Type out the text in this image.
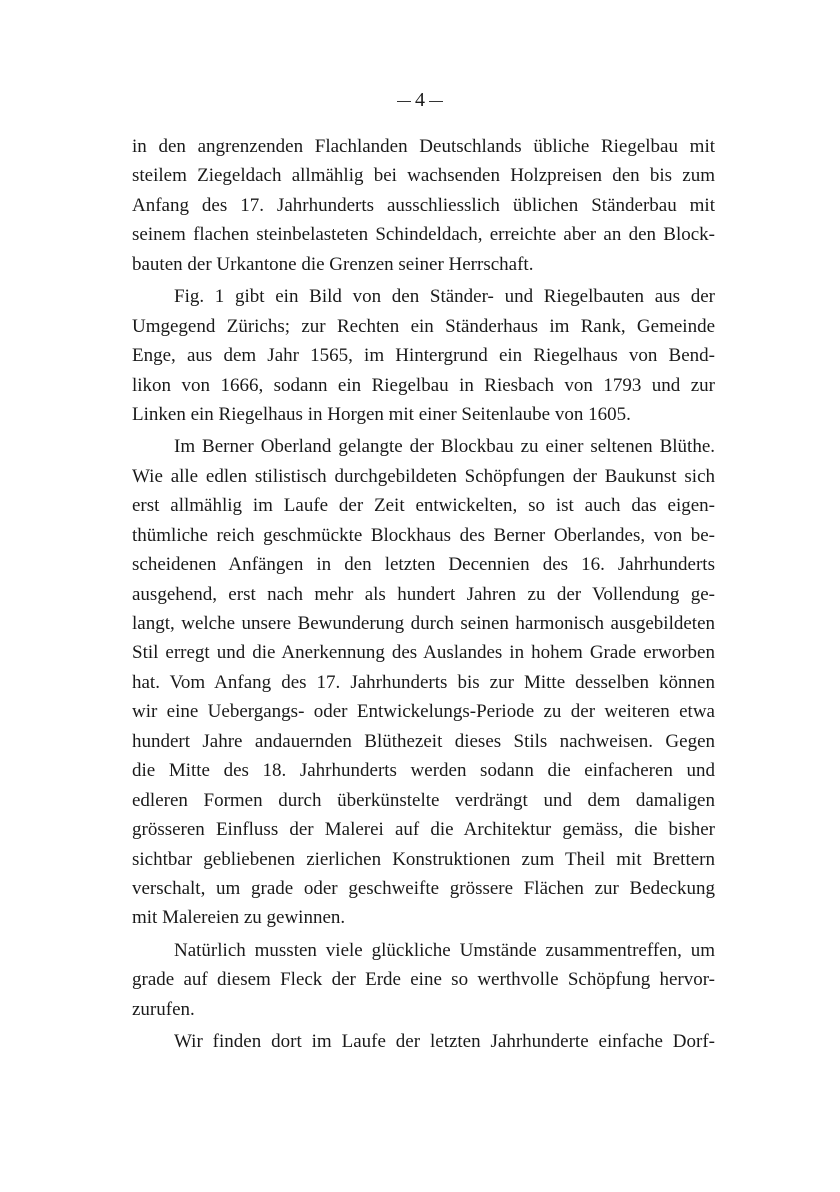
4
in den angrenzenden Flachlanden Deutschlands übliche Riegelbau mit
steilem Ziegeldach allmählig bei wachsenden Holzpreisen den bis zum
Anfang des 17. Jahrhunderts ausschliesslich üblichen Ständerbau mit
seinem flachen steinbelasteten Schindeldach, erreichte aber an den Block-
bauten der Urkantone die Grenzen seiner Herrschaft.
Fig. 1 gibt ein Bild von den Ständer- und Riegelbauten aus der
Umgegend Zürichs; zur Rechten ein Ständerhaus im Rank, Gemeinde
Enge, aus dem Jahr 1565, im Hintergrund ein Riegelhaus von Bend-
likon von 1666, sodann ein Riegelbau in Riesbach von 1793 und zur
Linken ein Riegelhaus in Horgen mit einer Seitenlaube von 1605.
Im Berner Oberland gelangte der Blockbau zu einer seltenen Blüthe.
Wie alle edlen stilistisch durchgebildeten Schöpfungen der Baukunst sich
erst allmählig im Laufe der Zeit entwickelten, so ist auch das eigen-
thümliche reich geschmückte Blockhaus des Berner Oberlandes, von be-
scheidenen Anfängen in den letzten Decennien des 16. Jahrhunderts
ausgehend, erst nach mehr als hundert Jahren zu der Vollendung ge-
langt, welche unsere Bewunderung durch seinen harmonisch ausgebildeten
Stil erregt und die Anerkennung des Auslandes in hohem Grade erworben
hat. Vom Anfang des 17. Jahrhunderts bis zur Mitte desselben können
wir eine Uebergangs- oder Entwickelungs-Periode zu der weiteren etwa
hundert Jahre andauernden Blüthezeit dieses Stils nachweisen. Gegen
die Mitte des 18. Jahrhunderts werden sodann die einfacheren und
edleren Formen durch überkünstelte verdrängt und dem damaligen
grösseren Einfluss der Malerei auf die Architektur gemäss, die bisher
sichtbar gebliebenen zierlichen Konstruktionen zum Theil mit Brettern
verschalt, um grade oder geschweifte grössere Flächen zur Bedeckung
mit Malereien zu gewinnen.
Natürlich mussten viele glückliche Umstände zusammentreffen, um
grade auf diesem Fleck der Erde eine so werthvolle Schöpfung hervor-
zurufen.
Wir finden dort im Laufe der letzten Jahrhunderte einfache Dorf-
